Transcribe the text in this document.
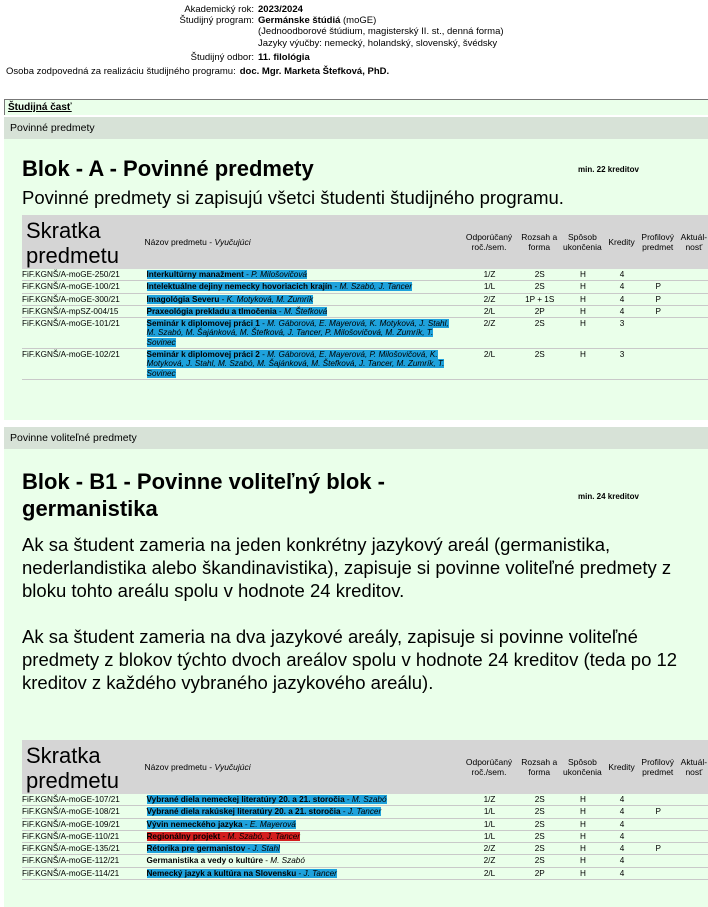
Akademický rok: 2023/2024
Študijný program: Germánske štúdiá (moGE)
(Jednoodborové štúdium, magisterský II. st., denná forma)
Jazyky výučby: nemecký, holandský, slovenský, švédsky
Študijný odbor: 11. filológia
Osoba zodpovedná za realizáciu študijného programu: doc. Mgr. Marketa Štefková, PhD.
Študijná časť
Povinné predmety
Blok - A - Povinné predmety	min. 22 kreditov
Povinné predmety si zapisujú všetci študenti študijného programu.
Skratka predmetu	Názov predmetu - Vyučujúci	Odporúčaný roč./sem.	Rozsah a forma	Spôsob ukončenia	Kredity	Profilový predmet	Aktuál-nosť
FiF.KGNŠ/A-moGE-250/21	Interkultúrny manažment - P. Milošovičová	1/Z	2S	H	4		
FiF.KGNŠ/A-moGE-100/21	Intelektuálne dejiny nemecky hovoriacich krajín - M. Szabó, J. Tancer	1/L	2S	H	4	P	
FiF.KGNŠ/A-moGE-300/21	Imagológia Severu - K. Motyková, M. Zumrík	2/Z	1P + 1S	H	4	P	
FiF.KGNŠ/A-mpSZ-004/15	Praxeológia prekladu a tlmočenia - M. Štefková	2/L	2P	H	4	P	
FiF.KGNŠ/A-moGE-101/21	Seminár k diplomovej práci 1 - M. Gáborová, E. Mayerová, K. Motyková, J. Stahl, M. Szabó, M. Šajánková, M. Štefková, J. Tancer, P. Milošovičová, M. Zumrík, T. Sovinec	2/Z	2S	H	3		
FiF.KGNŠ/A-moGE-102/21	Seminár k diplomovej práci 2 - M. Gáborová, E. Mayerová, P. Milošovičová, K. Motyková, J. Stahl, M. Szabó, M. Šajánková, M. Štefková, J. Tancer, M. Zumrík, T. Sovinec	2/L	2S	H	3		
Povinne voliteľné predmety
Blok - B1 - Povinne voliteľný blok - germanistika	min. 24 kreditov
Ak sa študent zameria na jeden konkrétny jazykový areál (germanistika, nederlandistika alebo škandinavistika), zapisuje si povinne voliteľné predmety z bloku tohto areálu spolu v hodnote 24 kreditov.
Ak sa študent zameria na dva jazykové areály, zapisuje si povinne voliteľné predmety z blokov týchto dvoch areálov spolu v hodnote 24 kreditov (teda po 12 kreditov z každého vybraného jazykového areálu).
Skratka predmetu	Názov predmetu - Vyučujúci	Odporúčaný roč./sem.	Rozsah a forma	Spôsob ukončenia	Kredity	Profilový predmet	Aktuál-nosť
FiF.KGNŠ/A-moGE-107/21	Vybrané diela nemeckej literatúry 20. a 21. storočia - M. Szabó	1/Z	2S	H	4		
FiF.KGNŠ/A-moGE-108/21	Vybrané diela rakúskej literatúry 20. a 21. storočia - J. Tancer	1/L	2S	H	4	P	
FiF.KGNŠ/A-moGE-109/21	Vývin nemeckého jazyka - E. Mayerová	1/L	2S	H	4		
FiF.KGNŠ/A-moGE-110/21	Regionálny projekt - M. Szabó, J. Tancer	1/L	2S	H	4		
FiF.KGNŠ/A-moGE-135/21	Rétorika pre germanistov - J. Stahl	2/Z	2S	H	4	P	
FiF.KGNŠ/A-moGE-112/21	Germanistika a vedy o kultúre - M. Szabó	2/Z	2S	H	4		
FiF.KGNŠ/A-moGE-114/21	Nemecký jazyk a kultúra na Slovensku - J. Tancer	2/L	2P	H	4		
